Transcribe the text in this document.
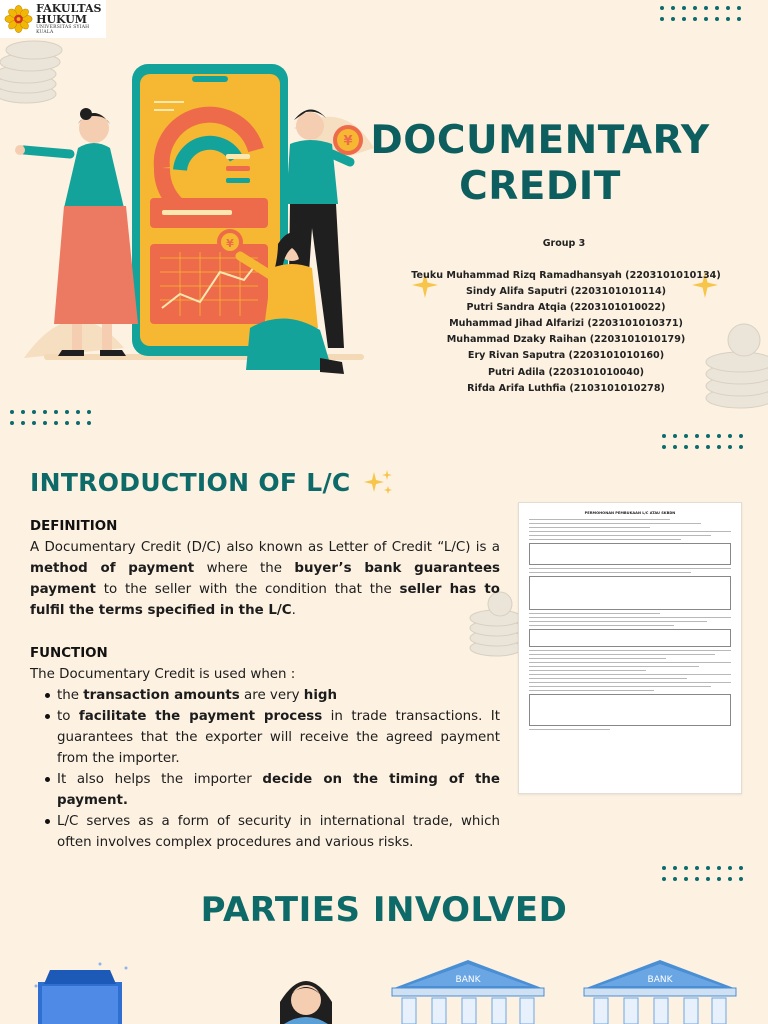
FAKULTAS
HUKUM
UNIVERSITAS SYIAH KUALA
¥
¥
DOCUMENTARY
CREDIT
Group 3
Teuku Muhammad Rizq Ramadhansyah (2203101010134)
Sindy Alifa Saputri (2203101010114)
Putri Sandra Atqia (2203101010022)
Muhammad Jihad Alfarizi (2203101010371)
Muhammad Dzaky Raihan (2203101010179)
Ery Rivan Saputra (2203101010160)
Putri Adila (2203101010040)
Rifda Arifa Luthfia (2103101010278)
INTRODUCTION OF L/C
DEFINITION

A Documentary Credit (D/C) also known as Letter of Credit “L/C) is a method of payment where the buyer’s bank guarantees payment to the seller with the condition that the seller has to fulfil the terms specified in the L/C.

FUNCTION
The Documentary Credit is used when :
the transaction amounts are very high
to facilitate the payment process in trade transactions. It guarantees that the exporter will receive the agreed payment from the importer.
It also helps the importer decide on the timing of the payment.
L/C serves as a form of security in international trade, which often involves complex procedures and various risks.
PERMOHONAN PEMBUKAAN L/C ATAU SKBDN
PARTIES INVOLVED
BANK	BANK
